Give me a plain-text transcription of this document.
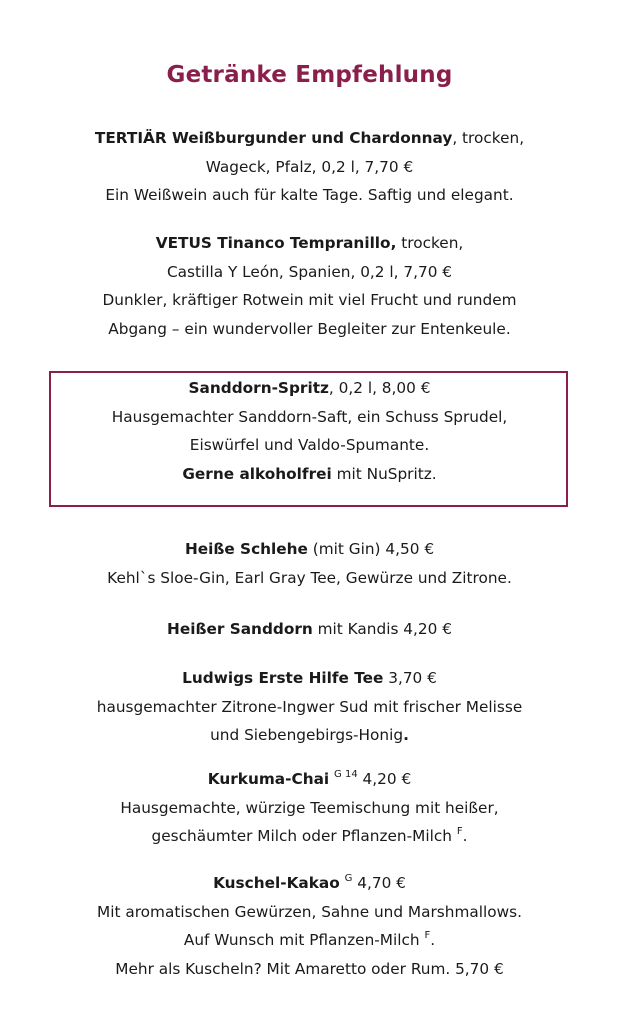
Getränke Empfehlung
TERTIÄR Weißburgunder und Chardonnay, trocken,
Wageck, Pfalz, 0,2 l, 7,70 €
Ein Weißwein auch für kalte Tage. Saftig und elegant.
VETUS Tinanco Tempranillo, trocken,
Castilla Y León, Spanien, 0,2 l, 7,70 €
Dunkler, kräftiger Rotwein mit viel Frucht und rundem
Abgang – ein wundervoller Begleiter zur Entenkeule.
Sanddorn-Spritz, 0,2 l, 8,00 €
Hausgemachter Sanddorn-Saft, ein Schuss Sprudel,
Eiswürfel und Valdo-Spumante.
Gerne alkoholfrei mit NuSpritz.
Heiße Schlehe (mit Gin) 4,50 €
Kehl`s Sloe-Gin, Earl Gray Tee, Gewürze und Zitrone.
Heißer Sanddorn mit Kandis 4,20 €
Ludwigs Erste Hilfe Tee 3,70 €
hausgemachter Zitrone-Ingwer Sud mit frischer Melisse
und Siebengebirgs-Honig.
Kurkuma-Chai $^{G 14}$ 4,20 €
Hausgemachte, würzige Teemischung mit heißer,
geschäumter Milch oder Pflanzen-Milch $^F$.
Kuschel-Kakao $^G$ 4,70 €
Mit aromatischen Gewürzen, Sahne und Marshmallows.
Auf Wunsch mit Pflanzen-Milch $^F$.
Mehr als Kuscheln? Mit Amaretto oder Rum. 5,70 €
